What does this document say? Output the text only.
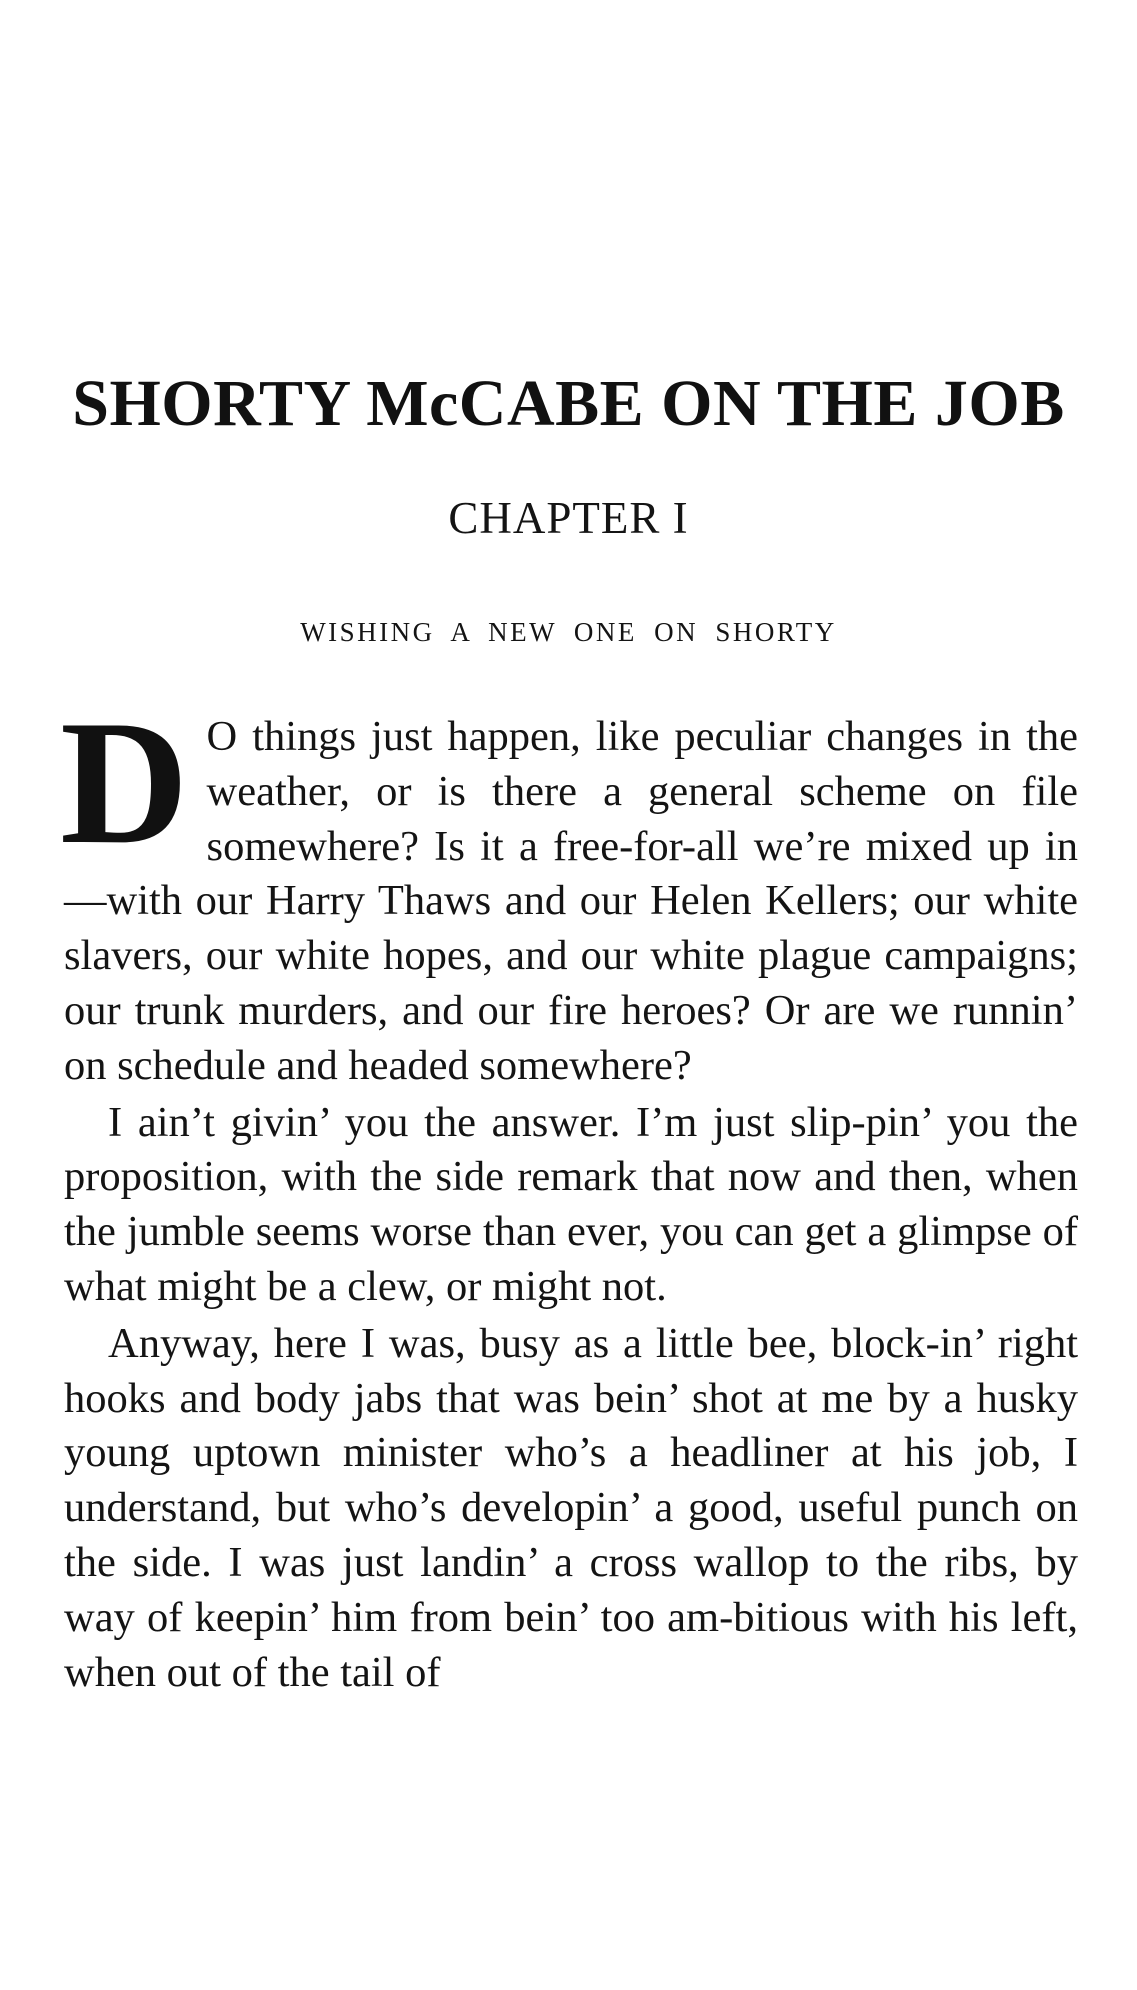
SHORTY McCABE ON THE JOB
CHAPTER I
WISHING A NEW ONE ON SHORTY

D O things just happen, like peculiar changes in the weather, or is there a general scheme on file somewhere? Is it a free-for-all we’re mixed up in—with our Harry Thaws and our Helen Kellers; our white slavers, our white hopes, and our white plague campaigns; our trunk murders, and our fire heroes? Or are we runnin’ on schedule and headed somewhere?

I ain’t givin’ you the answer. I’m just slip-pin’ you the proposition, with the side remark that now and then, when the jumble seems worse than ever, you can get a glimpse of what might be a clew, or might not.

Anyway, here I was, busy as a little bee, block-in’ right hooks and body jabs that was bein’ shot at me by a husky young uptown minister who’s a headliner at his job, I understand, but who’s developin’ a good, useful punch on the side. I was just landin’ a cross wallop to the ribs, by way of keepin’ him from bein’ too am-bitious with his left, when out of the tail of
